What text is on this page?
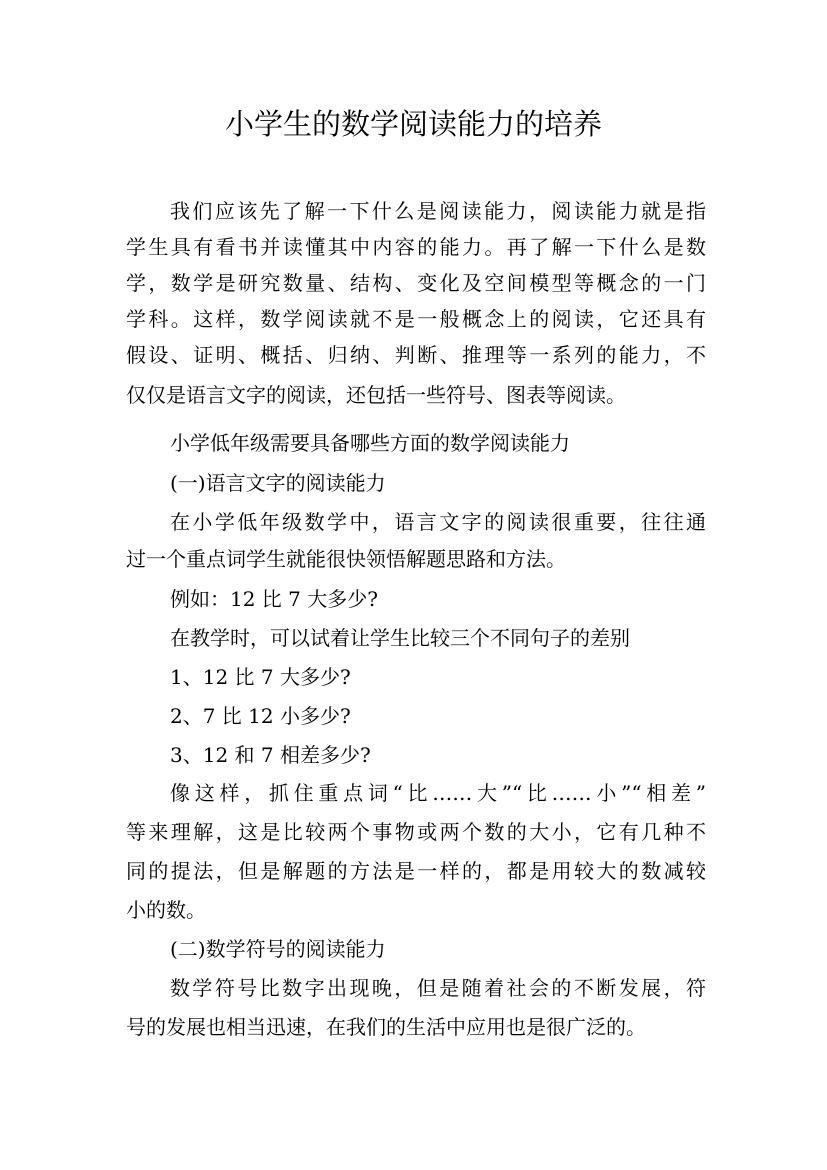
小学生的数学阅读能力的培养
我们应该先了解一下什么是阅读能力，阅读能力就是指
学生具有看书并读懂其中内容的能力。再了解一下什么是数
学，数学是研究数量、结构、变化及空间模型等概念的一门
学科。这样，数学阅读就不是一般概念上的阅读，它还具有
假设、证明、概括、归纳、判断、推理等一系列的能力，不
仅仅是语言文字的阅读，还包括一些符号、图表等阅读。
小学低年级需要具备哪些方面的数学阅读能力
(一)语言文字的阅读能力
在小学低年级数学中，语言文字的阅读很重要，往往通
过一个重点词学生就能很快领悟解题思路和方法。
例如：12 比 7 大多少?
在教学时，可以试着让学生比较三个不同句子的差别
1、12 比 7 大多少?
2、7 比 12 小多少?
3、12 和 7 相差多少?
像这样，抓住重点词“比……大”“比……小”“相差”
等来理解，这是比较两个事物或两个数的大小，它有几种不
同的提法，但是解题的方法是一样的，都是用较大的数减较
小的数。
(二)数学符号的阅读能力
数学符号比数字出现晚，但是随着社会的不断发展，符
号的发展也相当迅速，在我们的生活中应用也是很广泛的。
